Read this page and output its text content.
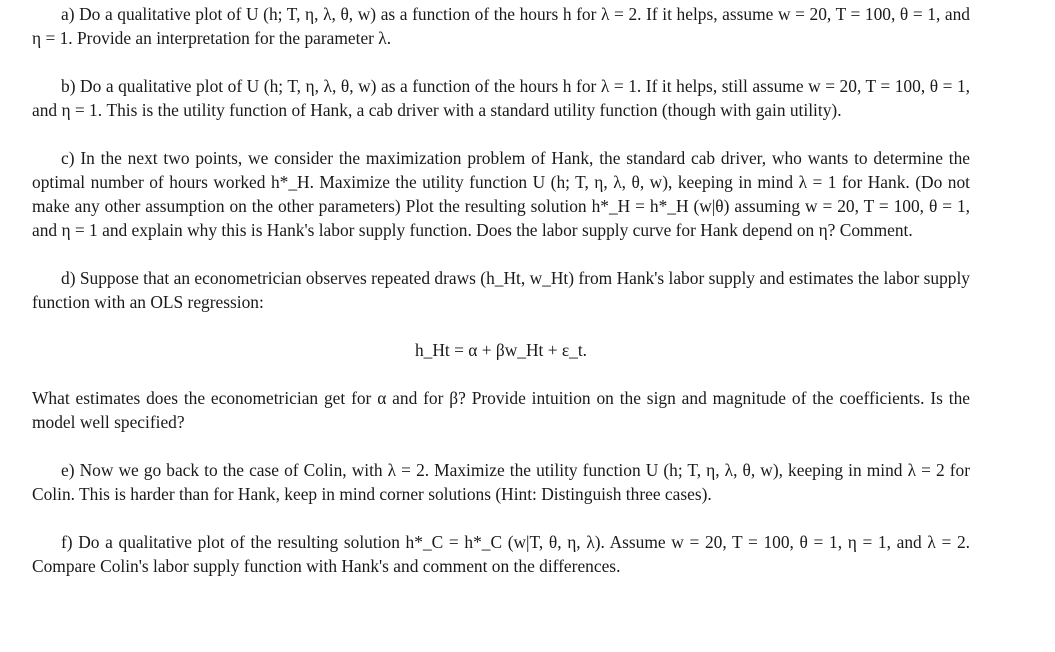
a) Do a qualitative plot of U (h; T, η, λ, θ, w) as a function of the hours h for λ = 2. If it helps, assume w = 20, T = 100, θ = 1, and η = 1. Provide an interpretation for the parameter λ.

b) Do a qualitative plot of U (h; T, η, λ, θ, w) as a function of the hours h for λ = 1. If it helps, still assume w = 20, T = 100, θ = 1, and η = 1. This is the utility function of Hank, a cab driver with a standard utility function (though with gain utility).

c) In the next two points, we consider the maximization problem of Hank, the standard cab driver, who wants to determine the optimal number of hours worked h*_H. Maximize the utility function U (h; T, η, λ, θ, w), keeping in mind λ = 1 for Hank. (Do not make any other assumption on the other parameters) Plot the resulting solution h*_H = h*_H (w|θ) assuming w = 20, T = 100, θ = 1, and η = 1 and explain why this is Hank's labor supply function. Does the labor supply curve for Hank depend on η? Comment.

d) Suppose that an econometrician observes repeated draws (h_Ht, w_Ht) from Hank's labor supply and estimates the labor supply function with an OLS regression:

h_Ht = α + βw_Ht + ε_t.

What estimates does the econometrician get for α and for β? Provide intuition on the sign and magnitude of the coefficients. Is the model well specified?

e) Now we go back to the case of Colin, with λ = 2. Maximize the utility function U (h; T, η, λ, θ, w), keeping in mind λ = 2 for Colin. This is harder than for Hank, keep in mind corner solutions (Hint: Distinguish three cases).

f) Do a qualitative plot of the resulting solution h*_C = h*_C (w|T, θ, η, λ). Assume w = 20, T = 100, θ = 1, η = 1, and λ = 2. Compare Colin's labor supply function with Hank's and comment on the differences.
